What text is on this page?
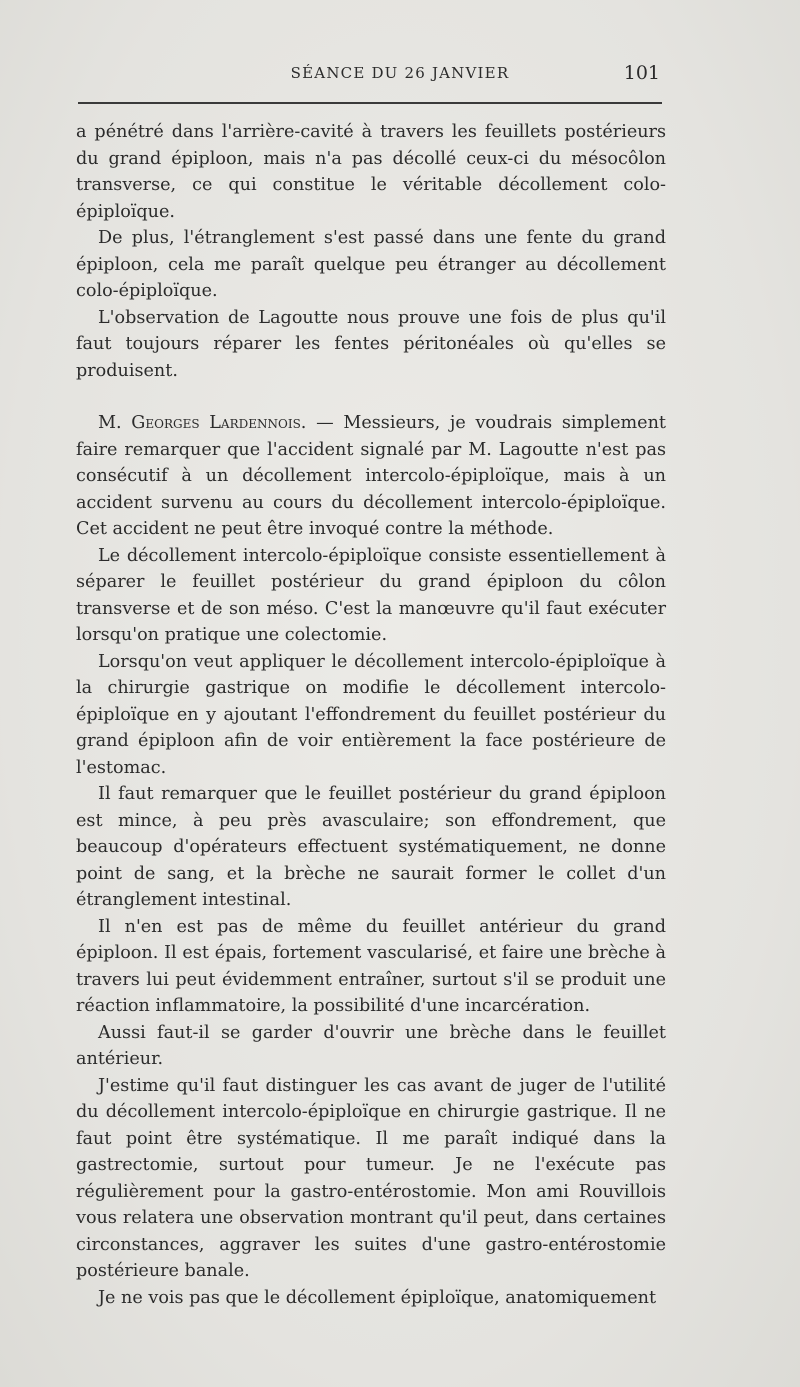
SÉANCE DU 26 JANVIER	101

a pénétré dans l'arrière-cavité à travers les feuillets postérieurs du grand épiploon, mais n'a pas décollé ceux-ci du mésocôlon transverse, ce qui constitue le véritable décollement colo-épiploïque.

De plus, l'étranglement s'est passé dans une fente du grand épiploon, cela me paraît quelque peu étranger au décollement colo-épiploïque.

L'observation de Lagoutte nous prouve une fois de plus qu'il faut toujours réparer les fentes péritonéales où qu'elles se produisent.

M. Georges Lardennois. — Messieurs, je voudrais simplement faire remarquer que l'accident signalé par M. Lagoutte n'est pas consécutif à un décollement intercolo-épiploïque, mais à un accident survenu au cours du décollement intercolo-épiploïque. Cet accident ne peut être invoqué contre la méthode.

Le décollement intercolo-épiploïque consiste essentiellement à séparer le feuillet postérieur du grand épiploon du côlon transverse et de son méso. C'est la manœuvre qu'il faut exécuter lorsqu'on pratique une colectomie.

Lorsqu'on veut appliquer le décollement intercolo-épiploïque à la chirurgie gastrique on modifie le décollement intercolo-épiploïque en y ajoutant l'effondrement du feuillet postérieur du grand épiploon afin de voir entièrement la face postérieure de l'estomac.

Il faut remarquer que le feuillet postérieur du grand épiploon est mince, à peu près avasculaire; son effondrement, que beaucoup d'opérateurs effectuent systématiquement, ne donne point de sang, et la brèche ne saurait former le collet d'un étranglement intestinal.

Il n'en est pas de même du feuillet antérieur du grand épiploon. Il est épais, fortement vascularisé, et faire une brèche à travers lui peut évidemment entraîner, surtout s'il se produit une réaction inflammatoire, la possibilité d'une incarcération.

Aussi faut-il se garder d'ouvrir une brèche dans le feuillet antérieur.

J'estime qu'il faut distinguer les cas avant de juger de l'utilité du décollement intercolo-épiploïque en chirurgie gastrique. Il ne faut point être systématique. Il me paraît indiqué dans la gastrectomie, surtout pour tumeur. Je ne l'exécute pas régulièrement pour la gastro-entérostomie. Mon ami Rouvillois vous relatera une observation montrant qu'il peut, dans certaines circonstances, aggraver les suites d'une gastro-entérostomie postérieure banale.

Je ne vois pas que le décollement épiploïque, anatomiquement
